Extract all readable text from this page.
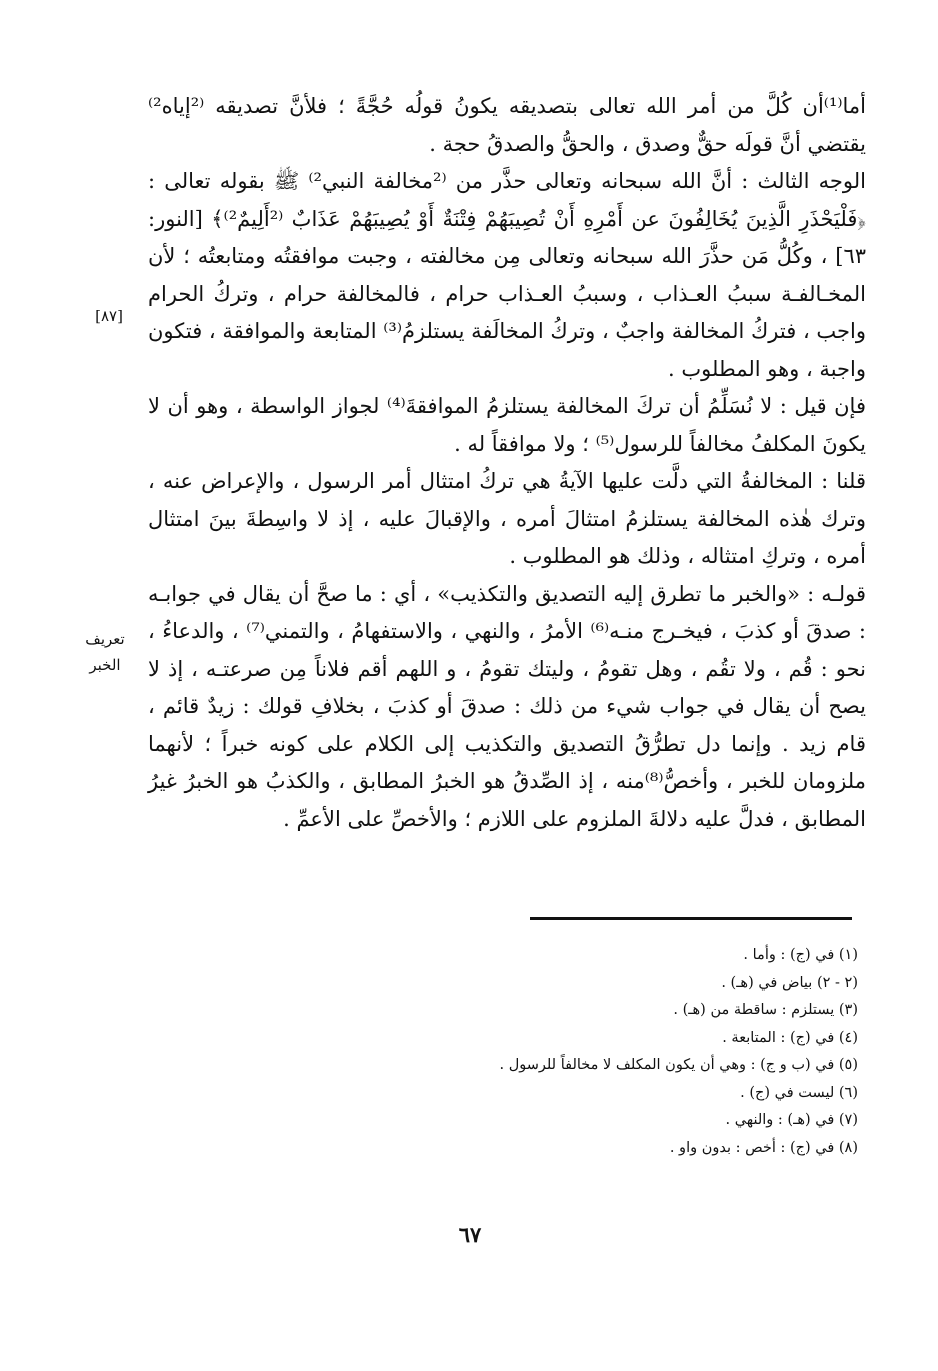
أما⁽¹⁾أن كُلَّ من أمر الله تعالى بتصديقه يكونُ قولُه حُجَّةً ؛ فلأنَّ تصديقه ⁽²إياه²⁾ يقتضي أنَّ قولَه حقٌّ وصدق ، والحقُّ والصدقُ حجة .

الوجه الثالث : أنَّ الله سبحانه وتعالى حذَّر من ⁽²مخالفة النبي²⁾ ﷺ بقوله تعالى : ﴿فَلْيَحْذَرِ الَّذِينَ يُخَالِفُونَ عن أَمْرِهِ أَنْ تُصِيبَهُمْ فِتْنَةٌ أَوْ يُصِيبَهُمْ عَذَابٌ ⁽²أَلِيمٌ²⁾﴾ [النور: ٦٣] ، وكُلُّ مَن حذَّرَ الله سبحانه وتعالى مِن مخالفته ، وجبت موافقتُه ومتابعتُه ؛ لأن المخـالفـة سببُ العـذاب ، وسببُ العـذاب حرام ، فالمخالفة حرام ، وتركُ الحرام واجب ، فتركُ المخالفة واجبٌ ، وتركُ المخالَفة يستلزمُ⁽³⁾ المتابعة والموافقة ، فتكون واجبة ، وهو المطلوب .

فإن قيل : لا نُسَلِّمُ أن تركَ المخالفة يستلزمُ الموافقةَ⁽⁴⁾ لجواز الواسطة ، وهو أن لا يكونَ المكلفُ مخالفاً للرسول⁽⁵⁾ ؛ ولا موافقاً له .

قلنا : المخالفةُ التي دلَّت عليها الآيةُ هي تركُ امتثال أمر الرسول ، والإعراض عنه ، وترك هٰذه المخالفة يستلزمُ امتثالَ أمره ، والإقبالَ عليه ، إذ لا واسِطةَ بينَ امتثال أمره ، وتركِ امتثاله ، وذلك هو المطلوب .

قولـه : «والخبر ما تطرق إليه التصديق والتكذيب» ، أي : ما صحَّ أن يقال في جوابـه : صدقَ أو كذبَ ، فيخـرج منـه⁽⁶⁾ الأمرُ ، والنهي ، والاستفهامُ ، والتمني⁽⁷⁾ ، والدعاءُ ، نحو : قُم ، ولا تقُم ، وهل تقومُ ، وليتك تقومُ ، و اللهم أقم فلاناً مِن صرعتـه ، إذ لا يصح أن يقال في جواب شيء من ذلك : صدقَ أو كذبَ ، بخلافِ قولك : زيدٌ قائم ، قام زيد . وإنما دل تطرُّقُ التصديق والتكذيب إلى الكلام على كونه خبراً ؛ لأنهما ملزومان للخبر ، وأخصُّ⁽⁸⁾منه ، إذ الصِّدقُ هو الخبرُ المطابق ، والكذبُ هو الخبرُ غيرُ المطابق ، فدلَّ عليه دلالةَ الملزوم على اللازم ؛ والأخصِّ على الأعمِّ .

[٨٧]
تعريف الخبر
(١) في (ج) : وأما .
(٢ - ٢) بياض في (هـ) .
(٣) يستلزم : ساقطة من (هـ) .
(٤) في (ج) : المتابعة .
(٥) في (ب و ج) : وهي أن يكون المكلف لا مخالفاً للرسول .
(٦) ليست في (ج) .
(٧) في (هـ) : والنهي .
(٨) في (ج) : أخص : بدون واو .
٦٧
